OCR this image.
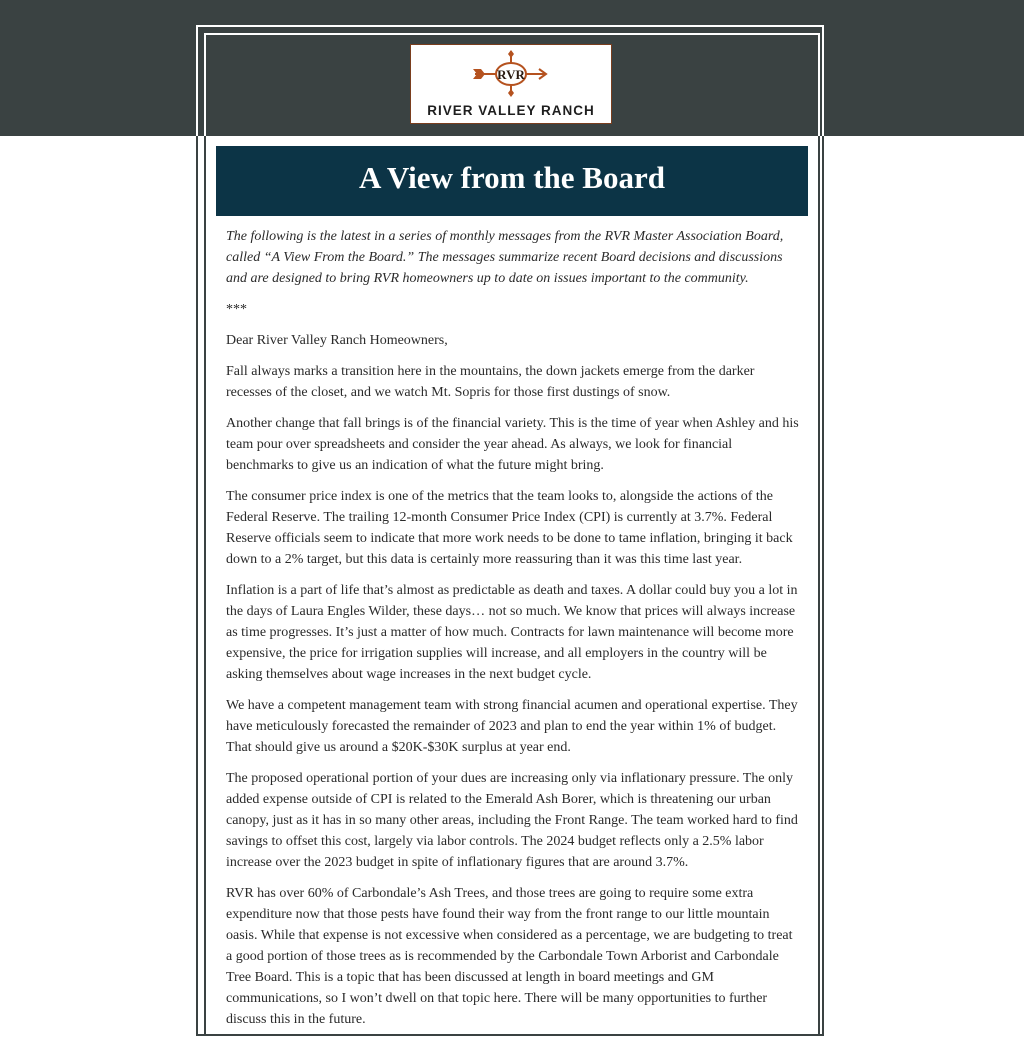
RVR
RIVER VALLEY RANCH
A View from the Board

The following is the latest in a series of monthly messages from the RVR Master Association Board, called “A View From the Board.” The messages summarize recent Board decisions and discussions and are designed to bring RVR homeowners up to date on issues important to the community.

***

Dear River Valley Ranch Homeowners,

Fall always marks a transition here in the mountains, the down jackets emerge from the darker recesses of the closet, and we watch Mt. Sopris for those first dustings of snow.

Another change that fall brings is of the financial variety. This is the time of year when Ashley and his team pour over spreadsheets and consider the year ahead. As always, we look for financial benchmarks to give us an indication of what the future might bring.

The consumer price index is one of the metrics that the team looks to, alongside the actions of the Federal Reserve. The trailing 12-month Consumer Price Index (CPI) is currently at 3.7%. Federal Reserve officials seem to indicate that more work needs to be done to tame inflation, bringing it back down to a 2% target, but this data is certainly more reassuring than it was this time last year.

Inflation is a part of life that’s almost as predictable as death and taxes. A dollar could buy you a lot in the days of Laura Engles Wilder, these days… not so much. We know that prices will always increase as time progresses. It’s just a matter of how much. Contracts for lawn maintenance will become more expensive, the price for irrigation supplies will increase, and all employers in the country will be asking themselves about wage increases in the next budget cycle.

We have a competent management team with strong financial acumen and operational expertise. They have meticulously forecasted the remainder of 2023 and plan to end the year within 1% of budget. That should give us around a $20K-$30K surplus at year end.

The proposed operational portion of your dues are increasing only via inflationary pressure. The only added expense outside of CPI is related to the Emerald Ash Borer, which is threatening our urban canopy, just as it has in so many other areas, including the Front Range. The team worked hard to find savings to offset this cost, largely via labor controls. The 2024 budget reflects only a 2.5% labor increase over the 2023 budget in spite of inflationary figures that are around 3.7%.

RVR has over 60% of Carbondale’s Ash Trees, and those trees are going to require some extra expenditure now that those pests have found their way from the front range to our little mountain oasis. While that expense is not excessive when considered as a percentage, we are budgeting to treat a good portion of those trees as is recommended by the Carbondale Town Arborist and Carbondale Tree Board. This is a topic that has been discussed at length in board meetings and GM communications, so I won’t dwell on that topic here. There will be many opportunities to further discuss this in the future.
